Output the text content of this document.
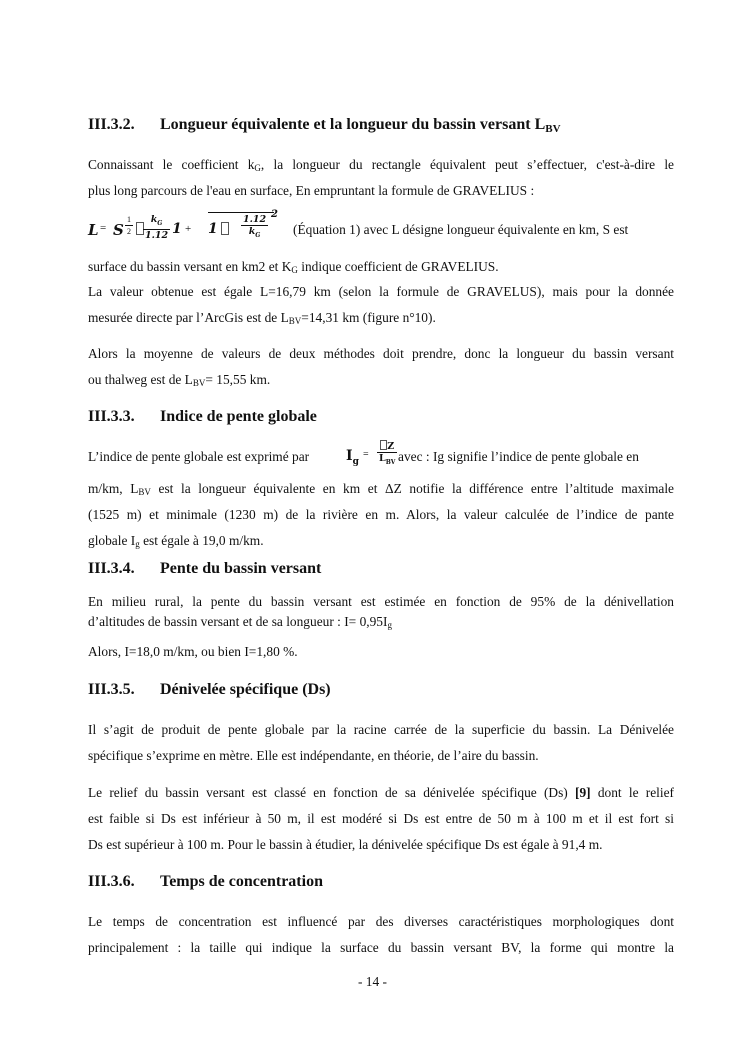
III.3.2. Longueur équivalente et la longueur du bassin versant $L_{BV}$
Connaissant le coefficient $k_G$, la longueur du rectangle équivalent peut s’effectuer, c'est-à-dire le
plus long parcours de l'eau en surface, En empruntant la formule de GRAVELIUS :
L = S $\frac{1}{2} \frac{k_G}{1.12}$ +
1 $1 \frac{1.12}{k_G} 2$
(Équation 1) avec L désigne longueur équivalente en km, S est
surface du bassin versant en km2 et $K_G$ indique coefficient de GRAVELIUS.
La valeur obtenue est égale L=16,79 km (selon la formule de GRAVELUS), mais pour la donnée
mesurée directe par l’ArcGis est de $L_{BV}=14,31$ km (figure n°10).
Alors la moyenne de valeurs de deux méthodes doit prendre, donc la longueur du bassin versant
ou thalweg est de $L_{BV}= 15,55$ km.
III.3.3. Indice de pente globale
L’indice de pente globale est exprimé par	$I_g$
=
Z
$L_{BV}$ avec : Ig signifie l’indice de pente globale en
m/km, $L_{BV}$ est la longueur équivalente en km et ΔZ notifie la différence entre l’altitude maximale
(1525 m) et minimale (1230 m) de la rivière en m. Alors, la valeur calculée de l’indice de pante
globale $I_g$ est égale à 19,0 m/km.
III.3.4. Pente du bassin versant
En milieu rural, la pente du bassin versant est estimée en fonction de 95% de la dénivellation
d’altitudes de bassin versant et de sa longueur : $I= 0,95I_g$
Alors, I=18,0 m/km, ou bien I=1,80 %.
III.3.5. Dénivelée spécifique (Ds)
Il s’agit de produit de pente globale par la racine carrée de la superficie du bassin. La Dénivelée
spécifique s’exprime en mètre. Elle est indépendante, en théorie, de l’aire du bassin.
Le relief du bassin versant est classé en fonction de sa dénivelée spécifique (Ds) [9] dont le relief
est faible si Ds est inférieur à 50 m, il est modéré si Ds est entre de 50 m à 100 m et il est fort si
Ds est supérieur à 100 m. Pour le bassin à étudier, la dénivelée spécifique Ds est égale à 91,4 m.
III.3.6. Temps de concentration
Le temps de concentration est influencé par des diverses caractéristiques morphologiques dont
principalement : la taille qui indique la surface du bassin versant BV, la forme qui montre la
- 14 -
